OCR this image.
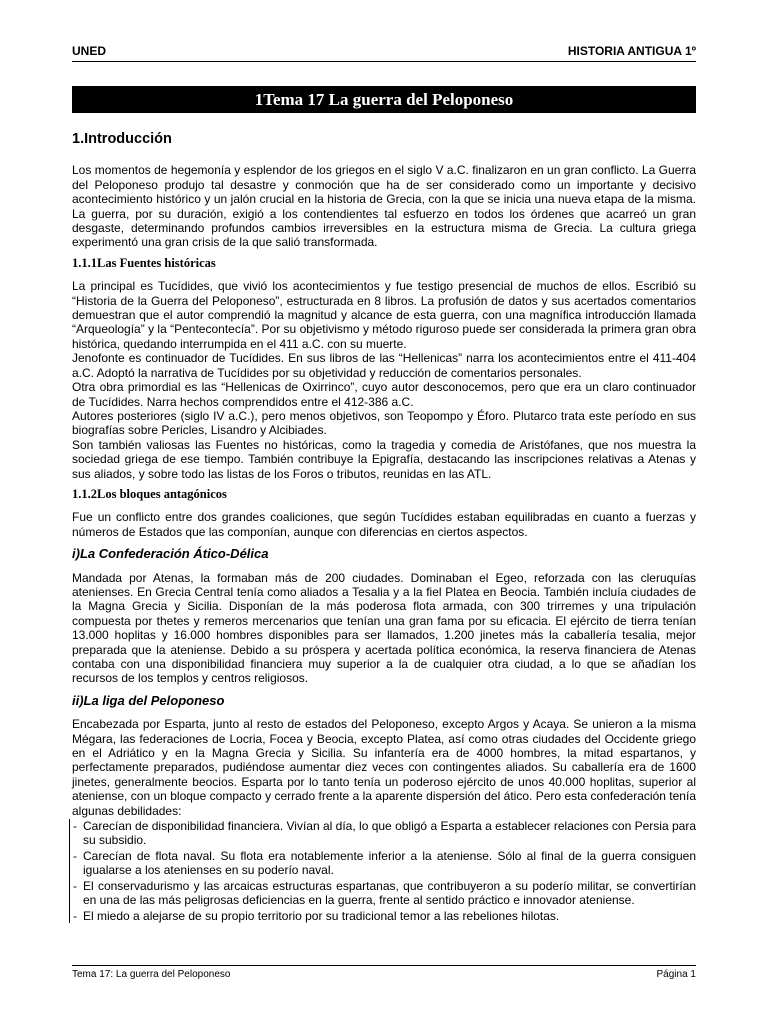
UNED	HISTORIA ANTIGUA 1º
1Tema 17 La guerra del Peloponeso
1.Introducción

Los momentos de hegemonía y esplendor de los griegos en el siglo V a.C. finalizaron en un gran conflicto. La Guerra del Peloponeso produjo tal desastre y conmoción que ha de ser considerado como un importante y decisivo acontecimiento histórico y un jalón crucial en la historia de Grecia, con la que se inicia una nueva etapa de la misma. La guerra, por su duración, exigió a los contendientes tal esfuerzo en todos los órdenes que acarreó un gran desgaste, determinando profundos cambios irreversibles en la estructura misma de Grecia. La cultura griega experimentó una gran crisis de la que salió transformada.

1.1.1Las Fuentes históricas

La principal es Tucídides, que vivió los acontecimientos y fue testigo presencial de muchos de ellos. Escribió su “Historia de la Guerra del Peloponeso”, estructurada en 8 libros. La profusión de datos y sus acertados comentarios demuestran que el autor comprendió la magnitud y alcance de esta guerra, con una magnífica introducción llamada “Arqueología” y la “Pentecontecía”. Por su objetivismo y método riguroso puede ser considerada la primera gran obra histórica, quedando interrumpida en el 411 a.C. con su muerte.

Jenofonte es continuador de Tucídides. En sus libros de las “Hellenicas” narra los acontecimientos entre el 411-404 a.C. Adoptó la narrativa de Tucídides por su objetividad y reducción de comentarios personales.

Otra obra primordial es las “Hellenicas de Oxirrinco”, cuyo autor desconocemos, pero que era un claro continuador de Tucídides. Narra hechos comprendidos entre el 412-386 a.C.

Autores posteriores (siglo IV a.C.), pero menos objetivos, son Teopompo y Éforo. Plutarco trata este período en sus biografías sobre Pericles, Lisandro y Alcibiades.

Son también valiosas las Fuentes no históricas, como la tragedia y comedia de Aristófanes, que nos muestra la sociedad griega de ese tiempo. También contribuye la Epigrafía, destacando las inscripciones relativas a Atenas y sus aliados, y sobre todo las listas de los Foros o tributos, reunidas en las ATL.

1.1.2Los bloques antagónicos

Fue un conflicto entre dos grandes coaliciones, que según Tucídides estaban equilibradas en cuanto a fuerzas y números de Estados que las componían, aunque con diferencias en ciertos aspectos.

i)La Confederación Ático-Délica

Mandada por Atenas, la formaban más de 200 ciudades. Dominaban el Egeo, reforzada con las cleruquías atenienses. En Grecia Central tenía como aliados a Tesalia y a la fiel Platea en Beocia. También incluía ciudades de la Magna Grecia y Sicilia. Disponían de la más poderosa flota armada, con 300 trirremes y una tripulación compuesta por thetes y remeros mercenarios que tenían una gran fama por su eficacia. El ejército de tierra tenían 13.000 hoplitas y 16.000 hombres disponibles para ser llamados, 1.200 jinetes más la caballería tesalia, mejor preparada que la ateniense. Debido a su próspera y acertada política económica, la reserva financiera de Atenas contaba con una disponibilidad financiera muy superior a la de cualquier otra ciudad, a lo que se añadían los recursos de los templos y centros religiosos.

ii)La liga del Peloponeso

Encabezada por Esparta, junto al resto de estados del Peloponeso, excepto Argos y Acaya. Se unieron a la misma Mégara, las federaciones de Locria, Focea y Beocia, excepto Platea, así como otras ciudades del Occidente griego en el Adriático y en la Magna Grecia y Sicilia. Su infantería era de 4000 hombres, la mitad espartanos, y perfectamente preparados, pudiéndose aumentar diez veces con contingentes aliados. Su caballería era de 1600 jinetes, generalmente beocios. Esparta por lo tanto tenía un poderoso ejército de unos 40.000 hoplitas, superior al ateniense, con un bloque compacto y cerrado frente a la aparente dispersión del ático. Pero esta confederación tenía algunas debilidades:

- Carecían de disponibilidad financiera. Vivían al día, lo que obligó a Esparta a establecer relaciones con Persia para su subsidio.
- Carecían de flota naval. Su flota era notablemente inferior a la ateniense. Sólo al final de la guerra consiguen igualarse a los atenienses en su poderío naval.
- El conservadurismo y las arcaicas estructuras espartanas, que contribuyeron a su poderío militar, se convertirían en una de las más peligrosas deficiencias en la guerra, frente al sentido práctico e innovador ateniense.
- El miedo a alejarse de su propio territorio por su tradicional temor a las rebeliones hilotas.
Tema 17: La guerra del Peloponeso	Página 1
